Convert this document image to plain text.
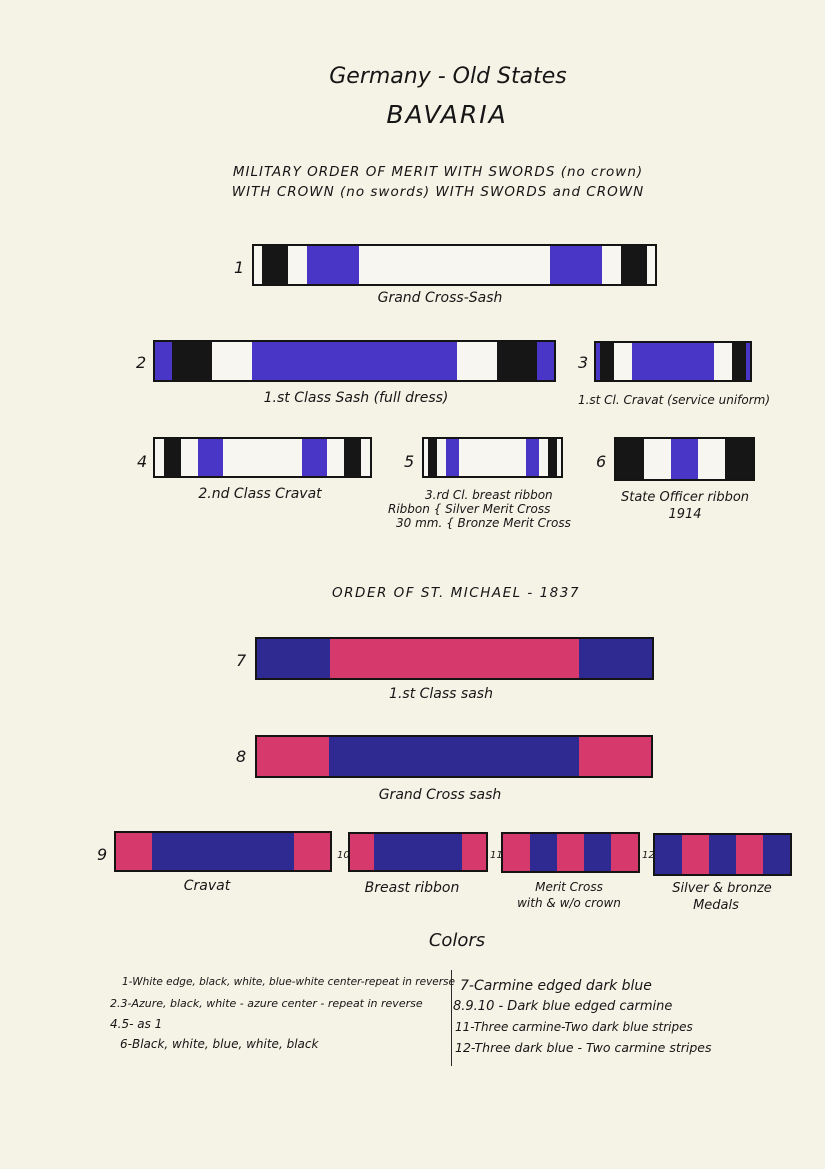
Germany - Old States
BAVARIA
MILITARY ORDER OF MERIT WITH SWORDS (no crown)
WITH CROWN (no swords) WITH SWORDS and CROWN
1
Grand Cross-Sash
2
1.st Class Sash (full dress)
3
1.st Cl. Cravat (service uniform)
4
2.nd Class Cravat
5
3.rd Cl. breast ribbon
Ribbon { Silver Merit Cross
30 mm. { Bronze Merit Cross
6
State Officer ribbon
1914
ORDER OF ST. MICHAEL - 1837
7
1.st Class sash
8
Grand Cross sash
9
Cravat
10
Breast ribbon
11
Merit Cross
with & w/o crown
12
Silver & bronze
Medals
Colors
1-White edge, black, white, blue-white center-repeat in reverse
2.3-Azure, black, white - azure center - repeat in reverse
4.5- as 1
6-Black, white, blue, white, black
7-Carmine edged dark blue
8.9.10 - Dark blue edged carmine
11-Three carmine-Two dark blue stripes
12-Three dark blue - Two carmine stripes
